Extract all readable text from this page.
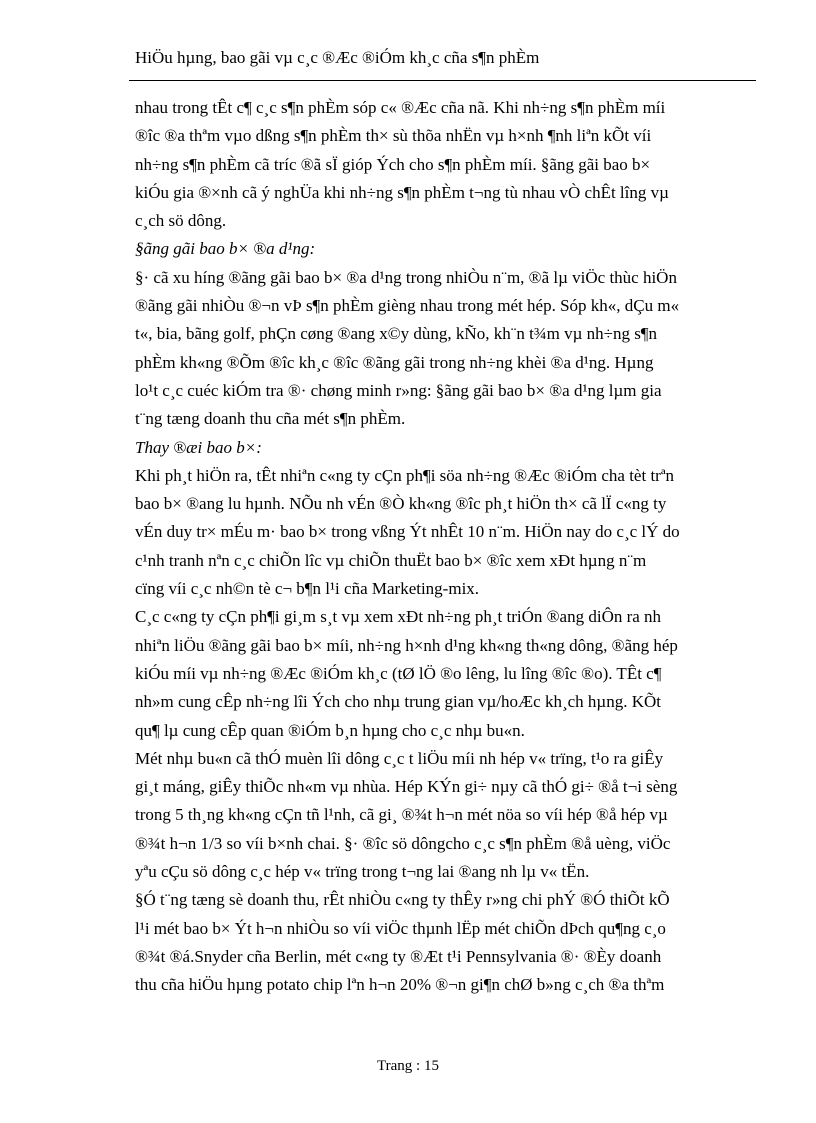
HiÖu hµng, bao gãi vµ c¸c ®Æc ®iÓm kh¸c cña s¶n phÈm
nhau trong tÊt c¶ c¸c s¶n phÈm sóp c« ®Æc cña nã. Khi nh÷ng s¶n phÈm míi
®îc ®a thªm vµo dßng s¶n phÈm th× sù thõa nhËn vµ h×nh ¶nh liªn kÕt víi
nh÷ng s¶n phÈm cã tríc ®ã sÏ gióp Ých cho s¶n phÈm míi. §ãng gãi bao b×
kiÓu gia ®×nh cã ý nghÜa khi nh÷ng s¶n phÈm t¬ng tù nhau vÒ chÊt lîng vµ
c¸ch sö dông.
§ãng gãi bao b× ®a d¹ng:
§· cã xu híng ®ãng gãi bao b× ®a d¹ng trong nhiÒu n¨m, ®ã lµ viÖc thùc hiÖn
®ãng gãi nhiÒu ®¬n vÞ s¶n phÈm gièng nhau trong mét hép. Sóp kh«, dÇu m«
t«, bia, bãng golf, phÇn cøng ®ang x©y dùng, kÑo, kh¨n t¾m vµ nh÷ng s¶n
phÈm kh«ng ®Õm ®îc kh¸c ®îc ®ãng gãi trong nh÷ng khèi ®a d¹ng. Hµng
lo¹t c¸c cuéc kiÓm tra ®· chøng minh r»ng: §ãng gãi bao b× ®a d¹ng lµm gia
t¨ng tæng doanh thu cña mét s¶n phÈm.
Thay ®æi bao b×:
Khi ph¸t hiÖn ra, tÊt nhiªn c«ng ty cÇn ph¶i söa nh÷ng ®Æc ®iÓm cha tèt trªn
bao b× ®ang lu hµnh. NÕu nh vÉn ®Ò kh«ng ®îc ph¸t hiÖn th× cã lÏ c«ng ty
vÉn duy tr× mÉu m· bao b× trong vßng Ýt nhÊt 10 n¨m. HiÖn nay do c¸c lÝ do
c¹nh tranh nªn c¸c chiÕn lîc vµ chiÕn thuËt bao b× ®îc xem xÐt hµng n¨m
cïng víi c¸c nh©n tè c¬ b¶n l¹i cña Marketing-mix.
C¸c c«ng ty cÇn ph¶i gi¸m s¸t vµ xem xÐt nh÷ng ph¸t triÓn ®ang diÔn ra nh
nhiªn liÖu ®ãng gãi bao b× míi, nh÷ng h×nh d¹ng kh«ng th«ng dông, ®ãng hép
kiÓu míi vµ nh÷ng ®Æc ®iÓm kh¸c (tØ lÖ ®o lêng, lu lîng ®îc ®o). TÊt c¶
nh»m cung cÊp nh÷ng lîi Ých cho nhµ trung gian vµ/hoÆc kh¸ch hµng. KÕt
qu¶ lµ cung cÊp quan ®iÓm b¸n hµng cho c¸c nhµ bu«n.
Mét nhµ bu«n cã thÓ muèn lîi dông c¸c t liÖu míi nh hép v« trïng, t¹o ra giÊy
gi¸t máng, giÊy thiÕc nh«m vµ nhùa. Hép KÝn gi÷ nµy cã thÓ gi÷ ®å t¬i sèng
trong 5 th¸ng kh«ng cÇn tñ l¹nh, cã gi¸ ®¾t h¬n mét nöa so víi hép ®å hép vµ
®¾t h¬n 1/3 so víi b×nh chai. §· ®îc sö dôngcho c¸c s¶n phÈm ®å uèng, viÖc
yªu cÇu sö dông c¸c hép v« trïng trong t¬ng lai ®ang nh lµ v« tËn.
§Ó t¨ng tæng sè doanh thu, rÊt nhiÒu c«ng ty thÊy r»ng chi phÝ ®Ó thiÕt kÕ
l¹i mét bao b× Ýt h¬n nhiÒu so víi viÖc thµnh lËp mét chiÕn dÞch qu¶ng c¸o
®¾t ®á.Snyder cña Berlin, mét c«ng ty ®Æt t¹i Pennsylvania ®· ®Èy doanh
thu cña hiÖu hµng potato chip lªn h¬n 20% ®¬n gi¶n chØ b»ng c¸ch ®a thªm
Trang : 15
